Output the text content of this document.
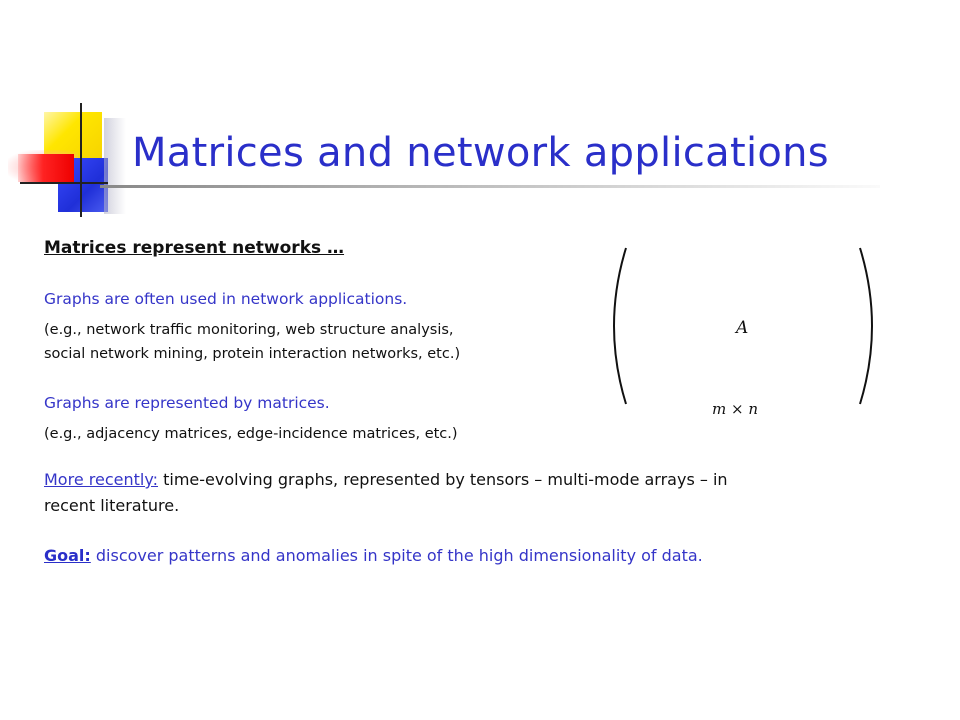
Matrices and network applications
Matrices represent networks …
Graphs are often used in network applications.
(e.g., network traffic monitoring, web structure analysis,
social network mining, protein interaction networks, etc.)
Graphs are represented by matrices.
(e.g., adjacency matrices, edge-incidence matrices, etc.)
More recently: time-evolving graphs, represented by tensors – multi-mode arrays – in
recent literature.
Goal: discover patterns and anomalies in spite of the high dimensionality of data.
A
m × n
